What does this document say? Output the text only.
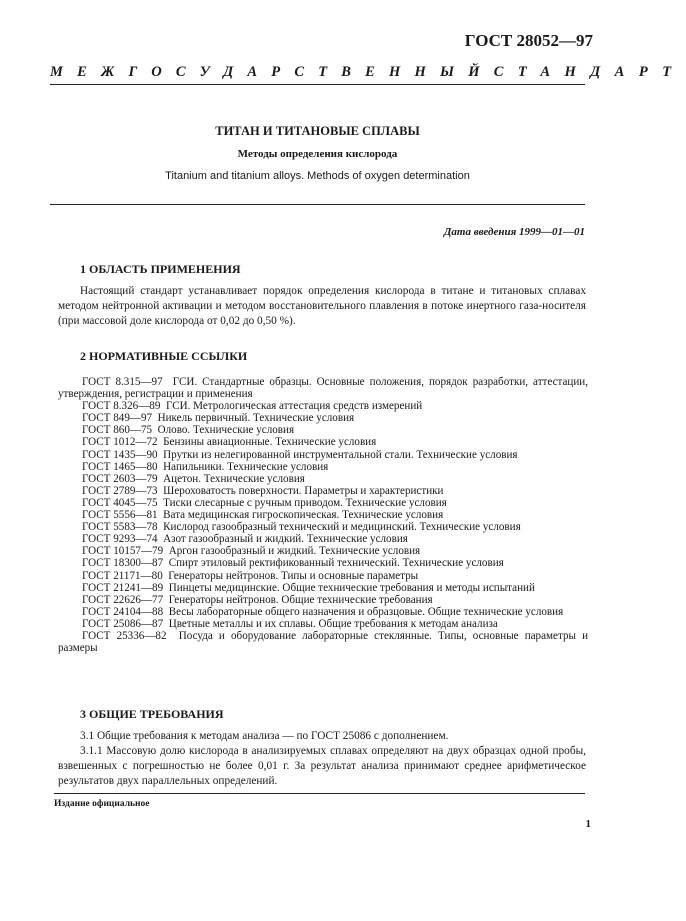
ГОСТ 28052—97
МЕЖГОСУДАРСТВЕННЫЙ СТАНДАРТ
ТИТАН И ТИТАНОВЫЕ СПЛАВЫ
Методы определения кислорода
Titanium and titanium alloys. Methods of oxygen determination
Дата введения 1999—01—01
1 ОБЛАСТЬ ПРИМЕНЕНИЯ
Настоящий стандарт устанавливает порядок определения кислорода в титане и титановых сплавах методом нейтронной активации и методом восстановительного плавления в потоке инертного газа-носителя (при массовой доле кислорода от 0,02 до 0,50 %).
2 НОРМАТИВНЫЕ ССЫЛКИ

ГОСТ 8.315—97 ГСИ. Стандартные образцы. Основные положения, порядок разработки, аттестации, утверждения, регистрации и применения

ГОСТ 8.326—89 ГСИ. Метрологическая аттестация средств измерений

ГОСТ 849—97 Никель первичный. Технические условия

ГОСТ 860—75 Олово. Технические условия

ГОСТ 1012—72 Бензины авиационные. Технические условия

ГОСТ 1435—90 Прутки из нелегированной инструментальной стали. Технические условия

ГОСТ 1465—80 Напильники. Технические условия

ГОСТ 2603—79 Ацетон. Технические условия

ГОСТ 2789—73 Шероховатость поверхности. Параметры и характеристики

ГОСТ 4045—75 Тиски слесарные с ручным приводом. Технические условия

ГОСТ 5556—81 Вата медицинская гигроскопическая. Технические условия

ГОСТ 5583—78 Кислород газообразный технический и медицинский. Технические условия

ГОСТ 9293—74 Азот газообразный и жидкий. Технические условия

ГОСТ 10157—79 Аргон газообразный и жидкий. Технические условия

ГОСТ 18300—87 Спирт этиловый ректификованный технический. Технические условия

ГОСТ 21171—80 Генераторы нейтронов. Типы и основные параметры

ГОСТ 21241—89 Пинцеты медицинские. Общие технические требования и методы испытаний

ГОСТ 22626—77 Генераторы нейтронов. Общие технические требования

ГОСТ 24104—88 Весы лабораторные общего назначения и образцовые. Общие технические условия

ГОСТ 25086—87 Цветные металлы и их сплавы. Общие требования к методам анализа

ГОСТ 25336—82 Посуда и оборудование лабораторные стеклянные. Типы, основные параметры и размеры

3 ОБЩИЕ ТРЕБОВАНИЯ
3.1 Общие требования к методам анализа — по ГОСТ 25086 с дополнением.
3.1.1 Массовую долю кислорода в анализируемых сплавах определяют на двух образцах одной пробы, взвешенных с погрешностью не более 0,01 г. За результат анализа принимают среднее арифметическое результатов двух параллельных определений.
Издание официальное
1
